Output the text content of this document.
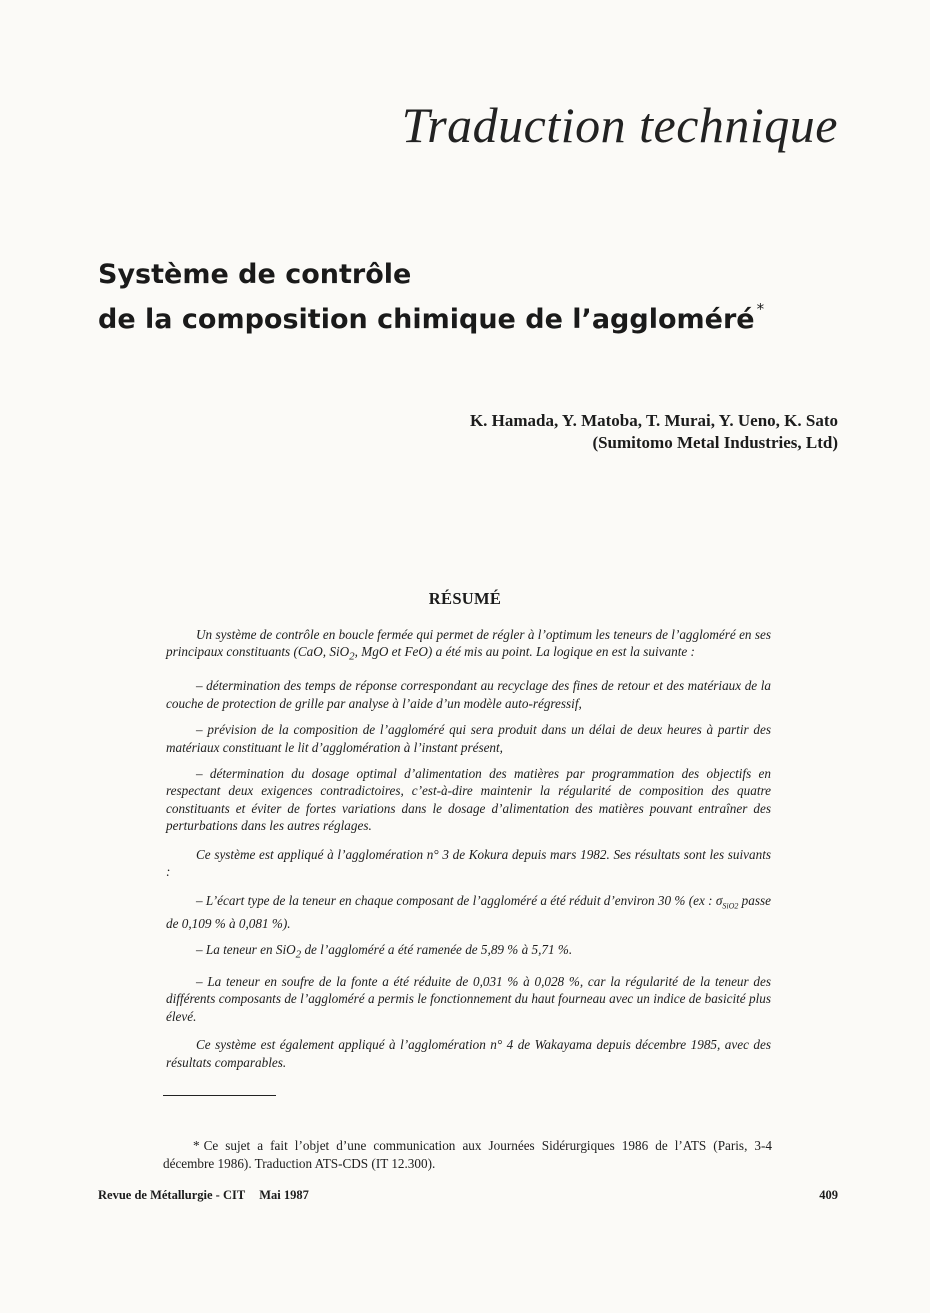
Traduction technique
Système de contrôle
de la composition chimique de l’aggloméré *
K. Hamada, Y. Matoba, T. Murai, Y. Ueno, K. Sato
(Sumitomo Metal Industries, Ltd)
RÉSUMÉ

Un système de contrôle en boucle fermée qui permet de régler à l’optimum les teneurs de l’aggloméré en ses principaux constituants (CaO, SiO$_2$, MgO et FeO) a été mis au point. La logique en est la suivante :

– détermination des temps de réponse correspondant au recyclage des fines de retour et des matériaux de la couche de protection de grille par analyse à l’aide d’un modèle auto-régressif,

– prévision de la composition de l’aggloméré qui sera produit dans un délai de deux heures à partir des matériaux constituant le lit d’agglomération à l’instant présent,

– détermination du dosage optimal d’alimentation des matières par programmation des objectifs en respectant deux exigences contradictoires, c’est-à-dire maintenir la régularité de composition des quatre constituants et éviter de fortes variations dans le dosage d’alimentation des matières pouvant entraîner des perturbations dans les autres réglages.

Ce système est appliqué à l’agglomération n° 3 de Kokura depuis mars 1982. Ses résultats sont les suivants :

– L’écart type de la teneur en chaque composant de l’aggloméré a été réduit d’environ 30 % (ex : $\sigma_{SiO2}$ passe de 0,109 % à 0,081 %).

– La teneur en SiO$_2$ de l’aggloméré a été ramenée de 5,89 % à 5,71 %.

– La teneur en soufre de la fonte a été réduite de 0,031 % à 0,028 %, car la régularité de la teneur des différents composants de l’aggloméré a permis le fonctionnement du haut fourneau avec un indice de basicité plus élevé.

Ce système est également appliqué à l’agglomération n° 4 de Wakayama depuis décembre 1985, avec des résultats comparables.

* Ce sujet a fait l’objet d’une communication aux Journées Sidérurgiques 1986 de l’ATS (Paris, 3-4 décembre 1986). Traduction ATS-CDS (IT 12.300).
Revue de Métallurgie - CIT Mai 1987	409
